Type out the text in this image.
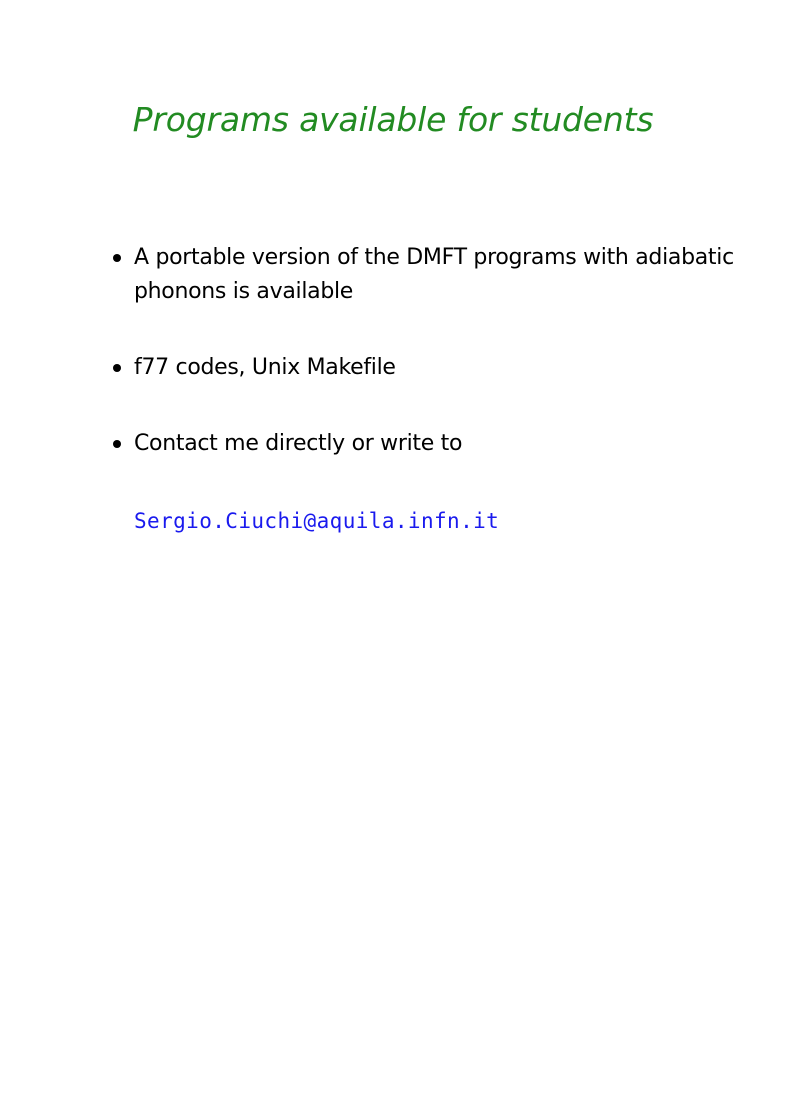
Programs available for students
A portable version of the DMFT programs with adiabatic phonons is available
f77 codes, Unix Makefile
Contact me directly or write to
Sergio.Ciuchi@aquila.infn.it
